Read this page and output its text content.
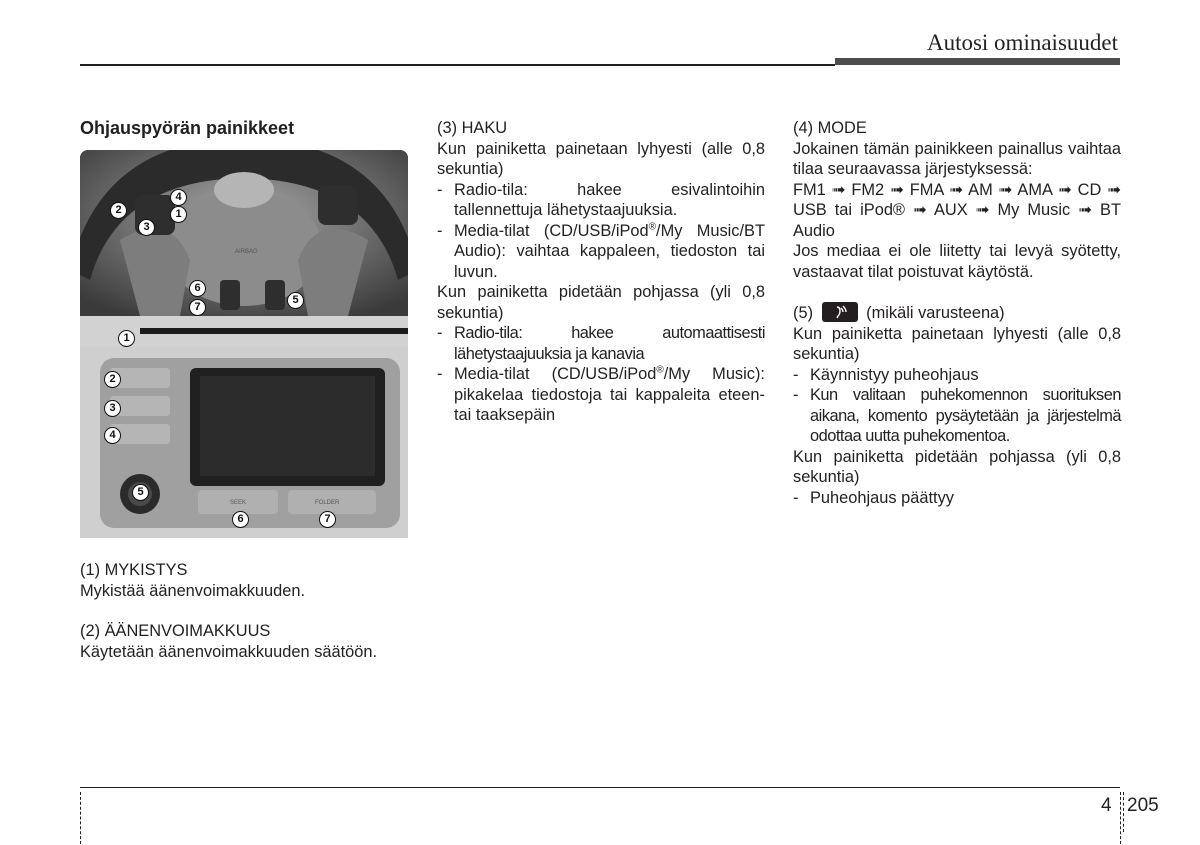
Autosi ominaisuudet
Ohjauspyörän painikkeet
AIRBAG
4
2	1
3
6
5
7
SEEK	FOLDER
1
2
3
4
5
6	7

(1) MYKISTYS

Mykistää äänenvoimakkuuden.

(2) ÄÄNENVOIMAKKUUS

Käytetään äänenvoimakkuuden säätöön.

(3) HAKU

Kun painiketta painetaan lyhyesti (alle 0,8 sekuntia)

- Radio-tila: hakee esivalintoihin tallennettuja lähetystaajuuksia.
- Media-tilat (CD/USB/iPod®/My Music/BT Audio): vaihtaa kappaleen, tiedoston tai luvun.

Kun painiketta pidetään pohjassa (yli 0,8 sekuntia)

- Radio-tila: hakee automaattisesti lähetystaajuuksia ja kanavia
- Media-tilat (CD/USB/iPod®/My Music): pikakelaa tiedostoja tai kappaleita eteen- tai taaksepäin

(4) MODE

Jokainen tämän painikkeen painallus vaihtaa tilaa seuraavassa järjestyksessä:

FM1 ➟ FM2 ➟ FMA ➟ AM ➟ AMA ➟ CD ➟ USB tai iPod® ➟ AUX ➟ My Music ➟ BT Audio

Jos mediaa ei ole liitetty tai levyä syötetty, vastaavat tilat poistuvat käytöstä.

(5)	(mikäli varusteena)

Kun painiketta painetaan lyhyesti (alle 0,8 sekuntia)

- Käynnistyy puheohjaus
- Kun valitaan puhekomennon suorituksen aikana, komento pysäytetään ja järjestelmä odottaa uutta puhekomentoa.

Kun painiketta pidetään pohjassa (yli 0,8 sekuntia)

- Puheohjaus päättyy
4 205
